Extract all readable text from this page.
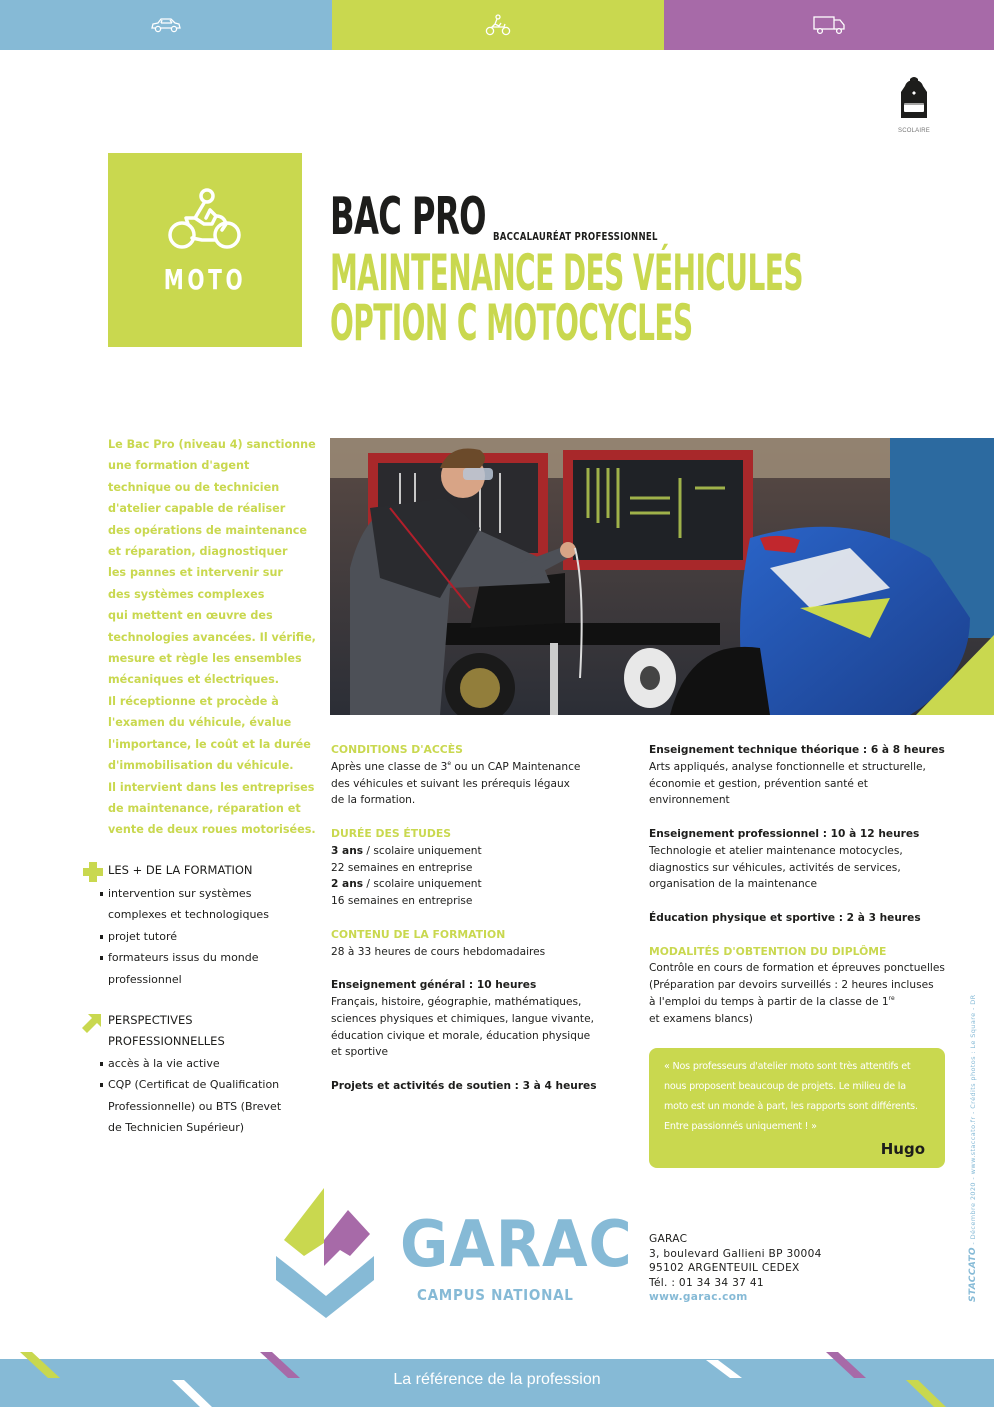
SCOLAIRE
MOTO
BAC PRO BACCALAURÉAT PROFESSIONNEL
MAINTENANCE DES VÉHICULES
OPTION C MOTOCYCLES
Le Bac Pro (niveau 4) sanctionne
une formation d'agent
technique ou de technicien
d'atelier capable de réaliser
des opérations de maintenance
et réparation, diagnostiquer
les pannes et intervenir sur
des systèmes complexes
qui mettent en œuvre des
technologies avancées. Il vérifie,
mesure et règle les ensembles
mécaniques et électriques.
Il réceptionne et procède à
l'examen du véhicule, évalue
l'importance, le coût et la durée
d'immobilisation du véhicule.
Il intervient dans les entreprises
de maintenance, réparation et
vente de deux roues motorisées.
LES + DE LA FORMATION
intervention sur systèmes
complexes et technologiques
projet tutoré
formateurs issus du monde
professionnel
PERSPECTIVES
PROFESSIONNELLES
accès à la vie active
CQP (Certificat de Qualification
Professionnelle) ou BTS (Brevet
de Technicien Supérieur)

CONDITIONS D'ACCÈS

Après une classe de 3e ou un CAP Maintenance

des véhicules et suivant les prérequis légaux

de la formation.

DURÉE DES ÉTUDES

3 ans / scolaire uniquement

22 semaines en entreprise

2 ans / scolaire uniquement

16 semaines en entreprise

CONTENU DE LA FORMATION

28 à 33 heures de cours hebdomadaires

Enseignement général : 10 heures

Français, histoire, géographie, mathématiques,

sciences physiques et chimiques, langue vivante,

éducation civique et morale, éducation physique

et sportive

Projets et activités de soutien : 3 à 4 heures

Enseignement technique théorique : 6 à 8 heures

Arts appliqués, analyse fonctionnelle et structurelle,

économie et gestion, prévention santé et

environnement

Enseignement professionnel : 10 à 12 heures

Technologie et atelier maintenance motocycles,

diagnostics sur véhicules, activités de services,

organisation de la maintenance

Éducation physique et sportive : 2 à 3 heures

MODALITÉS D'OBTENTION DU DIPLÔME

Contrôle en cours de formation et épreuves ponctuelles

(Préparation par devoirs surveillés : 2 heures incluses

à l'emploi du temps à partir de la classe de 1re

et examens blancs)

« Nos professeurs d'atelier moto sont très attentifs et
nous proposent beaucoup de projets. Le milieu de la
moto est un monde à part, les rapports sont différents.
Entre passionnés uniquement ! »
Hugo
GARAC
CAMPUS NATIONAL
GARAC
3, boulevard Gallieni BP 30004
95102 ARGENTEUIL CEDEX
Tél. : 01 34 34 37 41
www.garac.com	STACCATO - Décembre 2020 - www.staccato.fr - Crédits photos : Le Square - DR
La référence de la profession
